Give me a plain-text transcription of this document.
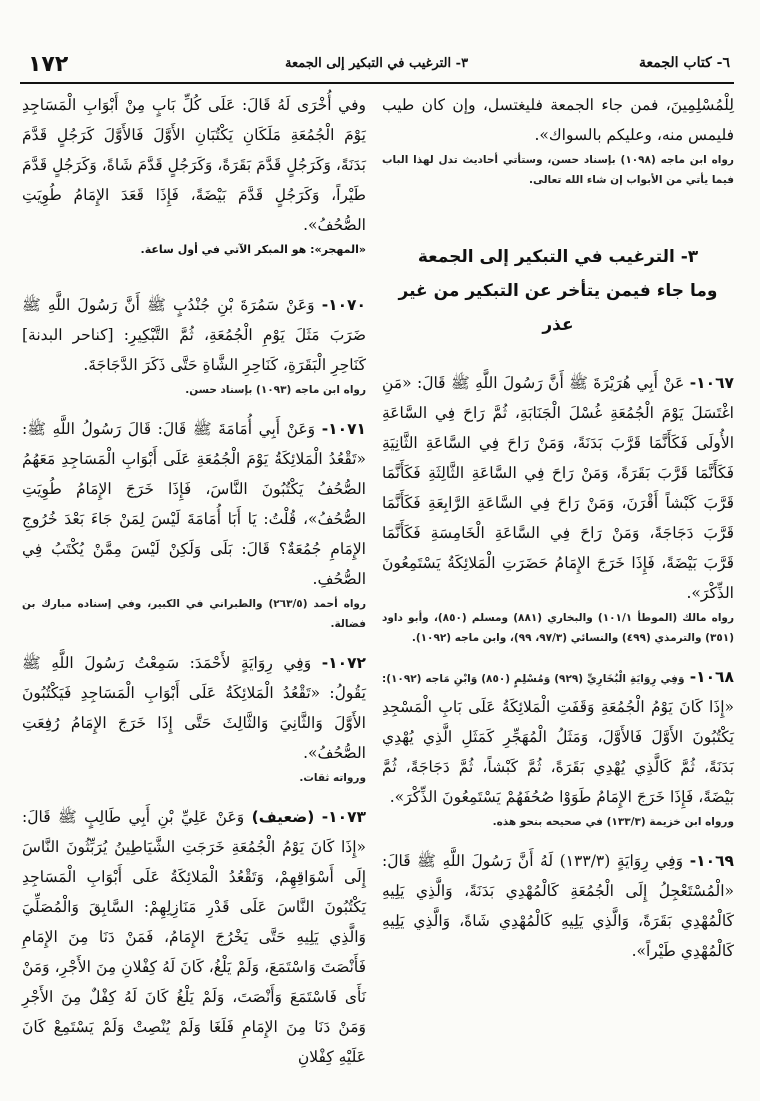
١٧٢	٣- الترغيب في التبكير إلى الجمعة	٦- كتاب الجمعة

لِلْمُسْلِمِينَ، فمن جاء الجمعة فليغتسل، وإن كان طيب فليمس منه، وعليكم بالسواك».

رواه ابن ماجه (١٠٩٨) بإسناد حسن، وستأتي أحاديث تدل لهذا الباب فيما يأتي من الأبواب إن شاء الله تعالى.

٣- الترغيب في التبكير إلى الجمعة
وما جاء فيمن يتأخر عن التبكير من غير عذر

١٠٦٧- عَنْ أَبِي هُرَيْرَةَ ﷺ أَنَّ رَسُولَ اللَّهِ ﷺ قَالَ: «مَنِ اغْتَسَلَ يَوْمَ الْجُمُعَةِ غُسْلَ الْجَنَابَةِ، ثُمَّ رَاحَ فِي السَّاعَةِ الأُولَى فَكَأَنَّمَا قَرَّبَ بَدَنَةً، وَمَنْ رَاحَ فِي السَّاعَةِ الثَّانِيَةِ فَكَأَنَّمَا قَرَّبَ بَقَرَةً، وَمَنْ رَاحَ فِي السَّاعَةِ الثَّالِثَةِ فَكَأَنَّمَا قَرَّبَ كَبْشاً أَقْرَنَ، وَمَنْ رَاحَ فِي السَّاعَةِ الرَّابِعَةِ فَكَأَنَّمَا قَرَّبَ دَجَاجَةً، وَمَنْ رَاحَ فِي السَّاعَةِ الْخَامِسَةِ فَكَأَنَّمَا قَرَّبَ بَيْضَةً، فَإِذَا خَرَجَ الإِمَامُ حَضَرَتِ الْمَلائِكَةُ يَسْتَمِعُونَ الذِّكْرَ».

رواه مالك (الموطأ ١٠١/١) والبخاري (٨٨١) ومسلم (٨٥٠)، وأبو داود (٣٥١) والترمذي (٤٩٩) والنسائي (٩٧/٣، ٩٩)، وابن ماجه (١٠٩٢).

١٠٦٨- وَفِي رِوَايَةِ الْبُخَارِيِّ (٩٢٩) وَمُسْلِمٍ (٨٥٠) وَابْنِ مَاجه (١٠٩٢): «إِذَا كَانَ يَوْمُ الْجُمُعَةِ وَقَفَتِ الْمَلائِكَةُ عَلَى بَابِ الْمَسْجِدِ يَكْتُبُونَ الأَوَّلَ فَالأَوَّلَ، وَمَثَلُ الْمُهَجِّرِ كَمَثَلِ الَّذِي يُهْدِي بَدَنَةً، ثُمَّ كَالَّذِي يُهْدِي بَقَرَةً، ثُمَّ كَبْشاً، ثُمَّ دَجَاجَةً، ثُمَّ بَيْضَةً، فَإِذَا خَرَجَ الإِمَامُ طَوَوْا صُحُفَهُمْ يَسْتَمِعُونَ الذِّكْرَ».

ورواه ابن خزيمة (١٣٣/٣) في صحيحه بنحو هذه.

١٠٦٩- وَفِي رِوَايَةٍ (١٣٣/٣) لَهُ أَنَّ رَسُولَ اللَّهِ ﷺ قَالَ: «الْمُسْتَعْجِلُ إِلَى الْجُمُعَةِ كَالْمُهْدِي بَدَنَةً، وَالَّذِي يَلِيهِ كَالْمُهْدِي بَقَرَةً، وَالَّذِي يَلِيهِ كَالْمُهْدِي شَاةً، وَالَّذِي يَلِيهِ كَالْمُهْدِي طَيْراً».

وفي أُخْرَى لَهُ قَالَ: عَلَى كُلِّ بَابٍ مِنْ أَبْوَابِ الْمَسَاجِدِ يَوْمَ الْجُمُعَةِ مَلَكَانِ يَكْتُبَانِ الأَوَّلَ فَالأَوَّلَ كَرَجُلٍ قَدَّمَ بَدَنَةً، وَكَرَجُلٍ قَدَّمَ بَقَرَةً، وَكَرَجُلٍ قَدَّمَ شَاةً، وَكَرَجُلٍ قَدَّمَ طَيْراً، وَكَرَجُلٍ قَدَّمَ بَيْضَةً، فَإِذَا قَعَدَ الإِمَامُ طُوِيَتِ الصُّحُفُ».

«المهجر»: هو المبكر الآتي في أول ساعة.

١٠٧٠- وَعَنْ سَمُرَةَ بْنِ جُنْدُبٍ ﷺ أَنَّ رَسُولَ اللَّهِ ﷺ ضَرَبَ مَثَلَ يَوْمِ الْجُمُعَةِ، ثُمَّ التَّبْكِيرِ: [كناحر البدنة] كَنَاحِرِ الْبَقَرَةِ، كَنَاحِرِ الشَّاةِ حَتَّى ذَكَرَ الدَّجَاجَةَ.

رواه ابن ماجه (١٠٩٣) بإسناد حسن.

١٠٧١- وَعَنْ أَبِي أُمَامَةَ ﷺ قَالَ: قَالَ رَسُولُ اللَّهِ ﷺ: «تَقْعُدُ الْمَلائِكَةُ يَوْمَ الْجُمُعَةِ عَلَى أَبْوَابِ الْمَسَاجِدِ مَعَهُمُ الصُّحُفُ يَكْتُبُونَ النَّاسَ، فَإِذَا خَرَجَ الإِمَامُ طُوِيَتِ الصُّحُفُ»، قُلْتُ: يَا أَبَا أُمَامَةَ لَيْسَ لِمَنْ جَاءَ بَعْدَ خُرُوجِ الإِمَامِ جُمُعَةٌ؟ قَالَ: بَلَى وَلَكِنْ لَيْسَ مِمَّنْ يُكْتَبُ فِي الصُّحُفِ.

رواه أحمد (٢٦٣/٥) والطبراني في الكبير، وفي إسناده مبارك بن فضالة.

١٠٧٢- وَفِي رِوَايَةٍ لأَحْمَدَ: سَمِعْتُ رَسُولَ اللَّهِ ﷺ يَقُولُ: «تَقْعُدُ الْمَلائِكَةُ عَلَى أَبْوَابِ الْمَسَاجِدِ فَيَكْتُبُونَ الأَوَّلَ وَالثَّانِيَ وَالثَّالِثَ حَتَّى إِذَا خَرَجَ الإِمَامُ رُفِعَتِ الصُّحُفُ».

ورواته ثقات.

١٠٧٣- (ضعيف) وَعَنْ عَلِيِّ بْنِ أَبِي طَالِبٍ ﷺ قَالَ: «إِذَا كَانَ يَوْمُ الْجُمُعَةِ خَرَجَتِ الشَّيَاطِينُ يُرَبِّثُونَ النَّاسَ إِلَى أَسْوَاقِهِمْ، وَتَقْعُدُ الْمَلائِكَةُ عَلَى أَبْوَابِ الْمَسَاجِدِ يَكْتُبُونَ النَّاسَ عَلَى قَدْرِ مَنَازِلِهِمْ: السَّابِقَ وَالْمُصَلِّيَ وَالَّذِي يَلِيهِ حَتَّى يَخْرُجَ الإِمَامُ، فَمَنْ دَنَا مِنَ الإِمَامِ فَأَنْصَتَ وَاسْتَمَعَ، وَلَمْ يَلْغُ، كَانَ لَهُ كِفْلانِ مِنَ الأَجْرِ، وَمَنْ نَأَى فَاسْتَمَعَ وَأَنْصَتَ، وَلَمْ يَلْغُ كَانَ لَهُ كِفْلٌ مِنَ الأَجْرِ وَمَنْ دَنَا مِنَ الإِمَامِ فَلَغَا وَلَمْ يُنْصِتْ وَلَمْ يَسْتَمِعْ كَانَ عَلَيْهِ كِفْلانِ
